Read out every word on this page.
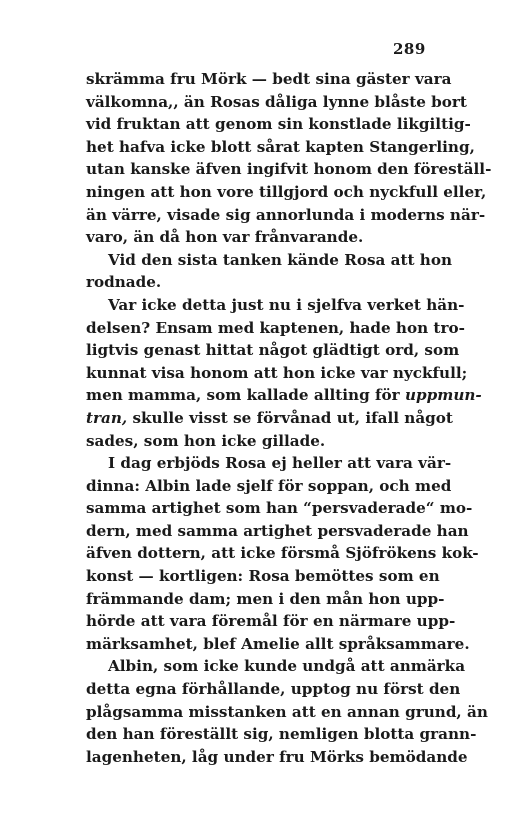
289
skrämma fru Mörk — bedt sina gäster vara
välkomna,, än Rosas dåliga lynne blåste bort
vid fruktan att genom sin konstlade likgiltig-
het hafva icke blott sårat kapten Stangerling,
utan kanske äfven ingifvit honom den föreställ-
ningen att hon vore tillgjord och nyckfull eller,
än värre, visade sig annorlunda i moderns när-
varo, än då hon var frånvarande.
Vid den sista tanken kände Rosa att hon
rodnade.
Var icke detta just nu i sjelfva verket hän-
delsen? Ensam med kaptenen, hade hon tro-
ligtvis genast hittat något glädtigt ord, som
kunnat visa honom att hon icke var nyckfull;
men mamma, som kallade allting för uppmun-
tran, skulle visst se förvånad ut, ifall något
sades, som hon icke gillade.
I dag erbjöds Rosa ej heller att vara vär-
dinna: Albin lade sjelf för soppan, och med
samma artighet som han “persvaderade“ mo-
dern, med samma artighet persvaderade han
äfven dottern, att icke försmå Sjöfrökens kok-
konst — kortligen: Rosa bemöttes som en
främmande dam; men i den mån hon upp-
hörde att vara föremål för en närmare upp-
märksamhet, blef Amelie allt språksammare.
Albin, som icke kunde undgå att anmärka
detta egna förhållande, upptog nu först den
plågsamma misstanken att en annan grund, än
den han föreställt sig, nemligen blotta grann-
lagenheten, låg under fru Mörks bemödande
